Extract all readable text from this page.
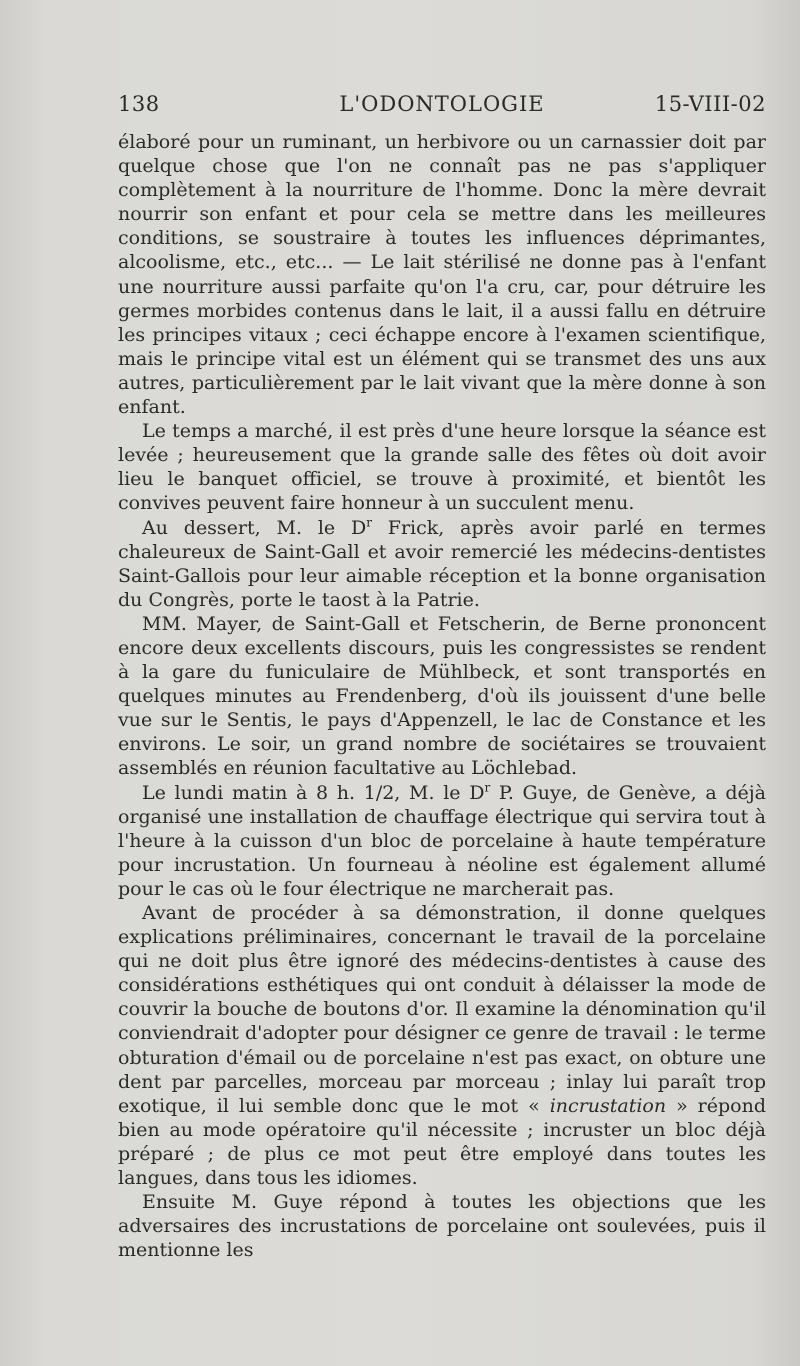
138	L'ODONTOLOGIE	15-VIII-02

élaboré pour un ruminant, un herbivore ou un carnassier doit par quelque chose que l'on ne connaît pas ne pas s'appliquer complètement à la nourriture de l'homme. Donc la mère devrait nourrir son enfant et pour cela se mettre dans les meilleures conditions, se soustraire à toutes les influences déprimantes, alcoolisme, etc., etc... — Le lait stérilisé ne donne pas à l'enfant une nourriture aussi parfaite qu'on l'a cru, car, pour détruire les germes morbides contenus dans le lait, il a aussi fallu en détruire les principes vitaux ; ceci échappe encore à l'examen scientifique, mais le principe vital est un élément qui se transmet des uns aux autres, particulièrement par le lait vivant que la mère donne à son enfant.

Le temps a marché, il est près d'une heure lorsque la séance est levée ; heureusement que la grande salle des fêtes où doit avoir lieu le banquet officiel, se trouve à proximité, et bientôt les convives peuvent faire honneur à un succulent menu.

Au dessert, M. le $D^r$ Frick, après avoir parlé en termes chaleureux de Saint-Gall et avoir remercié les médecins-dentistes Saint-Gallois pour leur aimable réception et la bonne organisation du Congrès, porte le taost à la Patrie.

MM. Mayer, de Saint-Gall et Fetscherin, de Berne prononcent encore deux excellents discours, puis les congressistes se rendent à la gare du funiculaire de Mühlbeck, et sont transportés en quelques minutes au Frendenberg, d'où ils jouissent d'une belle vue sur le Sentis, le pays d'Appenzell, le lac de Constance et les environs. Le soir, un grand nombre de sociétaires se trouvaient assemblés en réunion facultative au Löchlebad.

Le lundi matin à 8 h. 1/2, M. le $D^r$ P. Guye, de Genève, a déjà organisé une installation de chauffage électrique qui servira tout à l'heure à la cuisson d'un bloc de porcelaine à haute température pour incrustation. Un fourneau à néoline est également allumé pour le cas où le four électrique ne marcherait pas.

Avant de procéder à sa démonstration, il donne quelques explications préliminaires, concernant le travail de la porcelaine qui ne doit plus être ignoré des médecins-dentistes à cause des considérations esthétiques qui ont conduit à délaisser la mode de couvrir la bouche de boutons d'or. Il examine la dénomination qu'il conviendrait d'adopter pour désigner ce genre de travail : le terme obturation d'émail ou de porcelaine n'est pas exact, on obture une dent par parcelles, morceau par morceau ; inlay lui paraît trop exotique, il lui semble donc que le mot « incrustation » répond bien au mode opératoire qu'il nécessite ; incruster un bloc déjà préparé ; de plus ce mot peut être employé dans toutes les langues, dans tous les idiomes.

Ensuite M. Guye répond à toutes les objections que les adversaires des incrustations de porcelaine ont soulevées, puis il mentionne les
